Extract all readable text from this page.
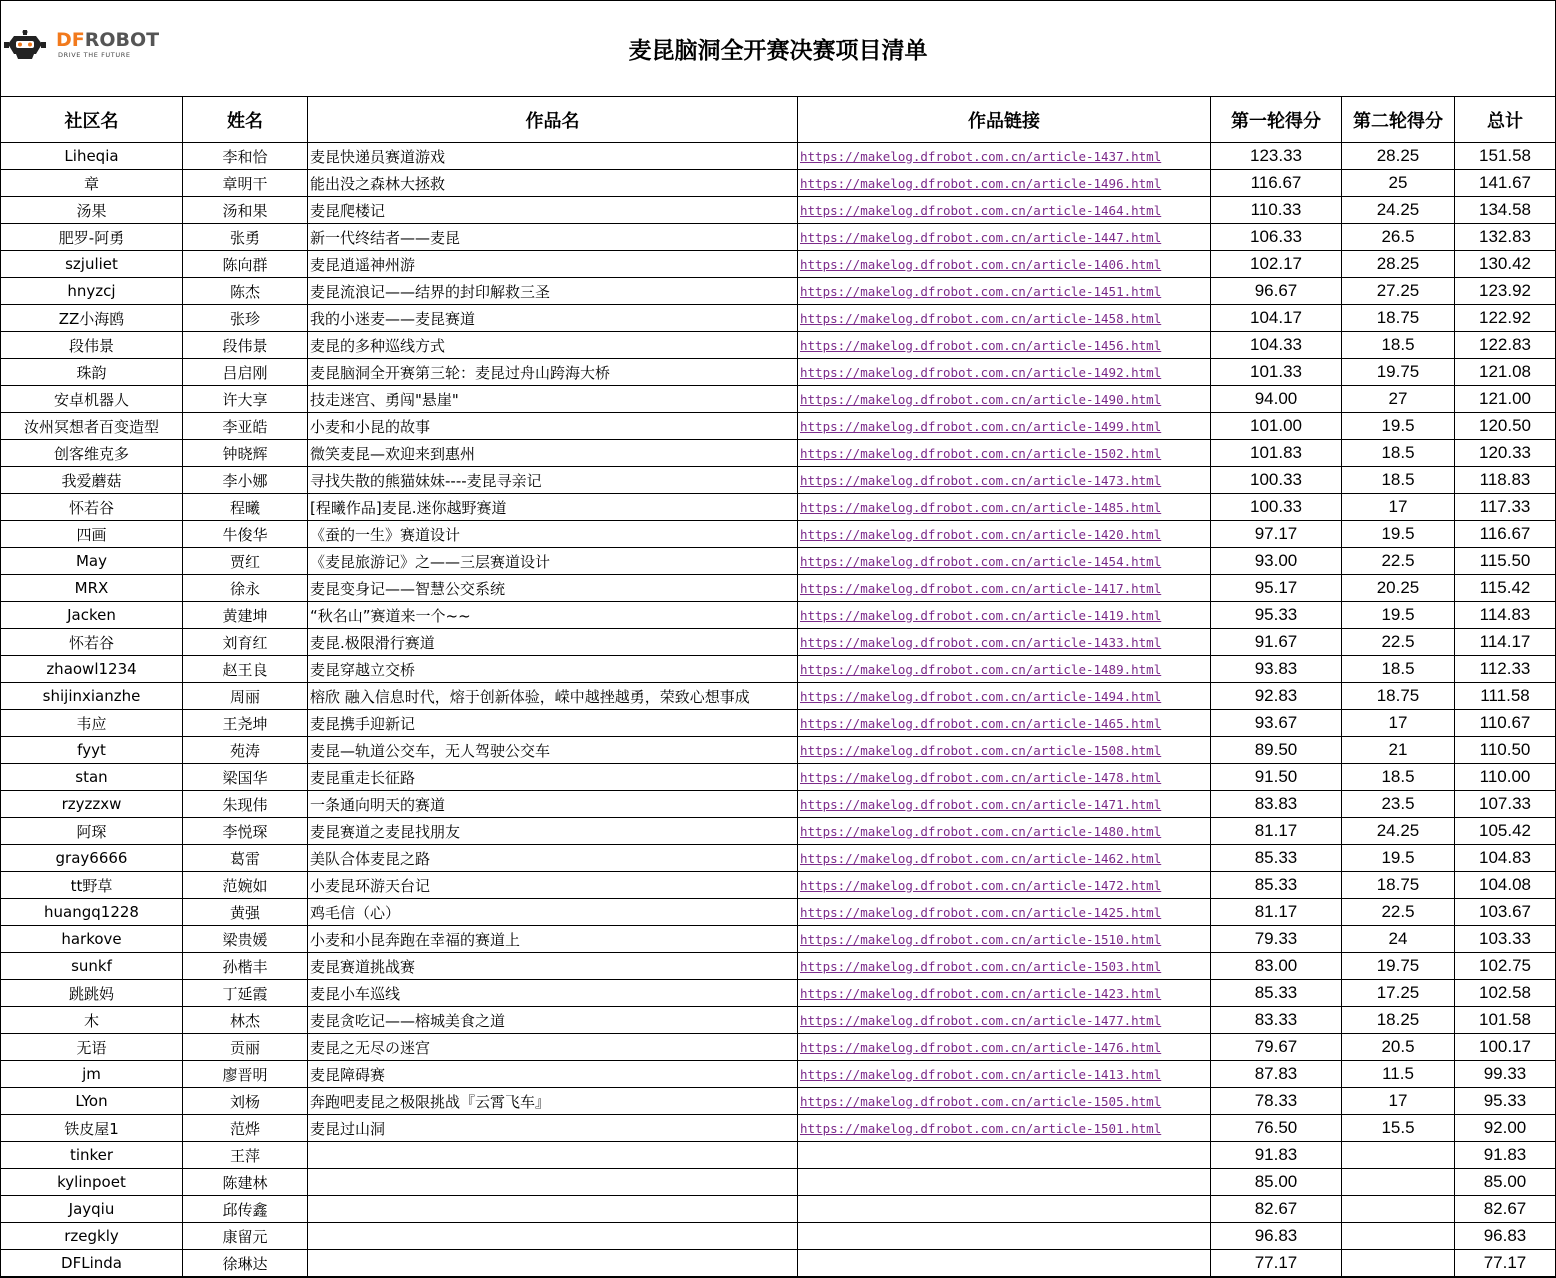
DFROBOT
DRIVE THE FUTURE	麦昆脑洞全开赛决赛项目清单
社区名	姓名	作品名	作品链接	第一轮得分	第二轮得分	总计
Liheqia	李和恰	麦昆快递员赛道游戏	https://makelog.dfrobot.com.cn/article-1437.html	123.33	28.25	151.58
章	章明干	能出没之森林大拯救	https://makelog.dfrobot.com.cn/article-1496.html	116.67	25	141.67
汤果	汤和果	麦昆爬楼记	https://makelog.dfrobot.com.cn/article-1464.html	110.33	24.25	134.58
肥罗-阿勇	张勇	新一代终结者——麦昆	https://makelog.dfrobot.com.cn/article-1447.html	106.33	26.5	132.83
szjuliet	陈向群	麦昆逍遥神州游	https://makelog.dfrobot.com.cn/article-1406.html	102.17	28.25	130.42
hnyzcj	陈杰	麦昆流浪记——结界的封印解救三圣	https://makelog.dfrobot.com.cn/article-1451.html	96.67	27.25	123.92
ZZ小海鸥	张珍	我的小迷麦——麦昆赛道	https://makelog.dfrobot.com.cn/article-1458.html	104.17	18.75	122.92
段伟景	段伟景	麦昆的多种巡线方式	https://makelog.dfrobot.com.cn/article-1456.html	104.33	18.5	122.83
珠韵	吕启刚	麦昆脑洞全开赛第三轮：麦昆过舟山跨海大桥	https://makelog.dfrobot.com.cn/article-1492.html	101.33	19.75	121.08
安卓机器人	许大享	技走迷宫、勇闯"悬崖"	https://makelog.dfrobot.com.cn/article-1490.html	94.00	27	121.00
汝州冥想者百变造型	李亚皓	小麦和小昆的故事	https://makelog.dfrobot.com.cn/article-1499.html	101.00	19.5	120.50
创客维克多	钟晓辉	微笑麦昆—欢迎来到惠州	https://makelog.dfrobot.com.cn/article-1502.html	101.83	18.5	120.33
我爱蘑菇	李小娜	寻找失散的熊猫妹妹----麦昆寻亲记	https://makelog.dfrobot.com.cn/article-1473.html	100.33	18.5	118.83
怀若谷	程曦	[程曦作品]麦昆.迷你越野赛道	https://makelog.dfrobot.com.cn/article-1485.html	100.33	17	117.33
四画	牛俊华	《蚕的一生》赛道设计	https://makelog.dfrobot.com.cn/article-1420.html	97.17	19.5	116.67
May	贾红	《麦昆旅游记》之——三层赛道设计	https://makelog.dfrobot.com.cn/article-1454.html	93.00	22.5	115.50
MRX	徐永	麦昆变身记——智慧公交系统	https://makelog.dfrobot.com.cn/article-1417.html	95.17	20.25	115.42
Jacken	黄建坤	“秋名山”赛道来一个~~	https://makelog.dfrobot.com.cn/article-1419.html	95.33	19.5	114.83
怀若谷	刘育红	麦昆.极限滑行赛道	https://makelog.dfrobot.com.cn/article-1433.html	91.67	22.5	114.17
zhaowl1234	赵王良	麦昆穿越立交桥	https://makelog.dfrobot.com.cn/article-1489.html	93.83	18.5	112.33
shijinxianzhe	周丽	榕欣 融入信息时代，熔于创新体验，嵘中越挫越勇，荣致心想事成	https://makelog.dfrobot.com.cn/article-1494.html	92.83	18.75	111.58
韦应	王尧坤	麦昆携手迎新记	https://makelog.dfrobot.com.cn/article-1465.html	93.67	17	110.67
fyyt	苑涛	麦昆—轨道公交车，无人驾驶公交车	https://makelog.dfrobot.com.cn/article-1508.html	89.50	21	110.50
stan	梁国华	麦昆重走长征路	https://makelog.dfrobot.com.cn/article-1478.html	91.50	18.5	110.00
rzyzzxw	朱现伟	一条通向明天的赛道	https://makelog.dfrobot.com.cn/article-1471.html	83.83	23.5	107.33
阿琛	李悦琛	麦昆赛道之麦昆找朋友	https://makelog.dfrobot.com.cn/article-1480.html	81.17	24.25	105.42
gray6666	葛雷	美队合体麦昆之路	https://makelog.dfrobot.com.cn/article-1462.html	85.33	19.5	104.83
tt野草	范婉如	小麦昆环游天台记	https://makelog.dfrobot.com.cn/article-1472.html	85.33	18.75	104.08
huangq1228	黄强	鸡毛信（心）	https://makelog.dfrobot.com.cn/article-1425.html	81.17	22.5	103.67
harkove	梁贵媛	小麦和小昆奔跑在幸福的赛道上	https://makelog.dfrobot.com.cn/article-1510.html	79.33	24	103.33
sunkf	孙楷丰	麦昆赛道挑战赛	https://makelog.dfrobot.com.cn/article-1503.html	83.00	19.75	102.75
跳跳妈	丁延霞	麦昆小车巡线	https://makelog.dfrobot.com.cn/article-1423.html	85.33	17.25	102.58
木	林杰	麦昆贪吃记——榕城美食之道	https://makelog.dfrobot.com.cn/article-1477.html	83.33	18.25	101.58
无语	贡丽	麦昆之无尽の迷宫	https://makelog.dfrobot.com.cn/article-1476.html	79.67	20.5	100.17
jm	廖晋明	麦昆障碍赛	https://makelog.dfrobot.com.cn/article-1413.html	87.83	11.5	99.33
LYon	刘杨	奔跑吧麦昆之极限挑战『云霄飞车』	https://makelog.dfrobot.com.cn/article-1505.html	78.33	17	95.33
铁皮屋1	范烨	麦昆过山洞	https://makelog.dfrobot.com.cn/article-1501.html	76.50	15.5	92.00
tinker	王萍			91.83		91.83
kylinpoet	陈建林			85.00		85.00
Jayqiu	邱传鑫			82.67		82.67
rzegkly	康留元			96.83		96.83
DFLinda	徐琳达			77.17		77.17
